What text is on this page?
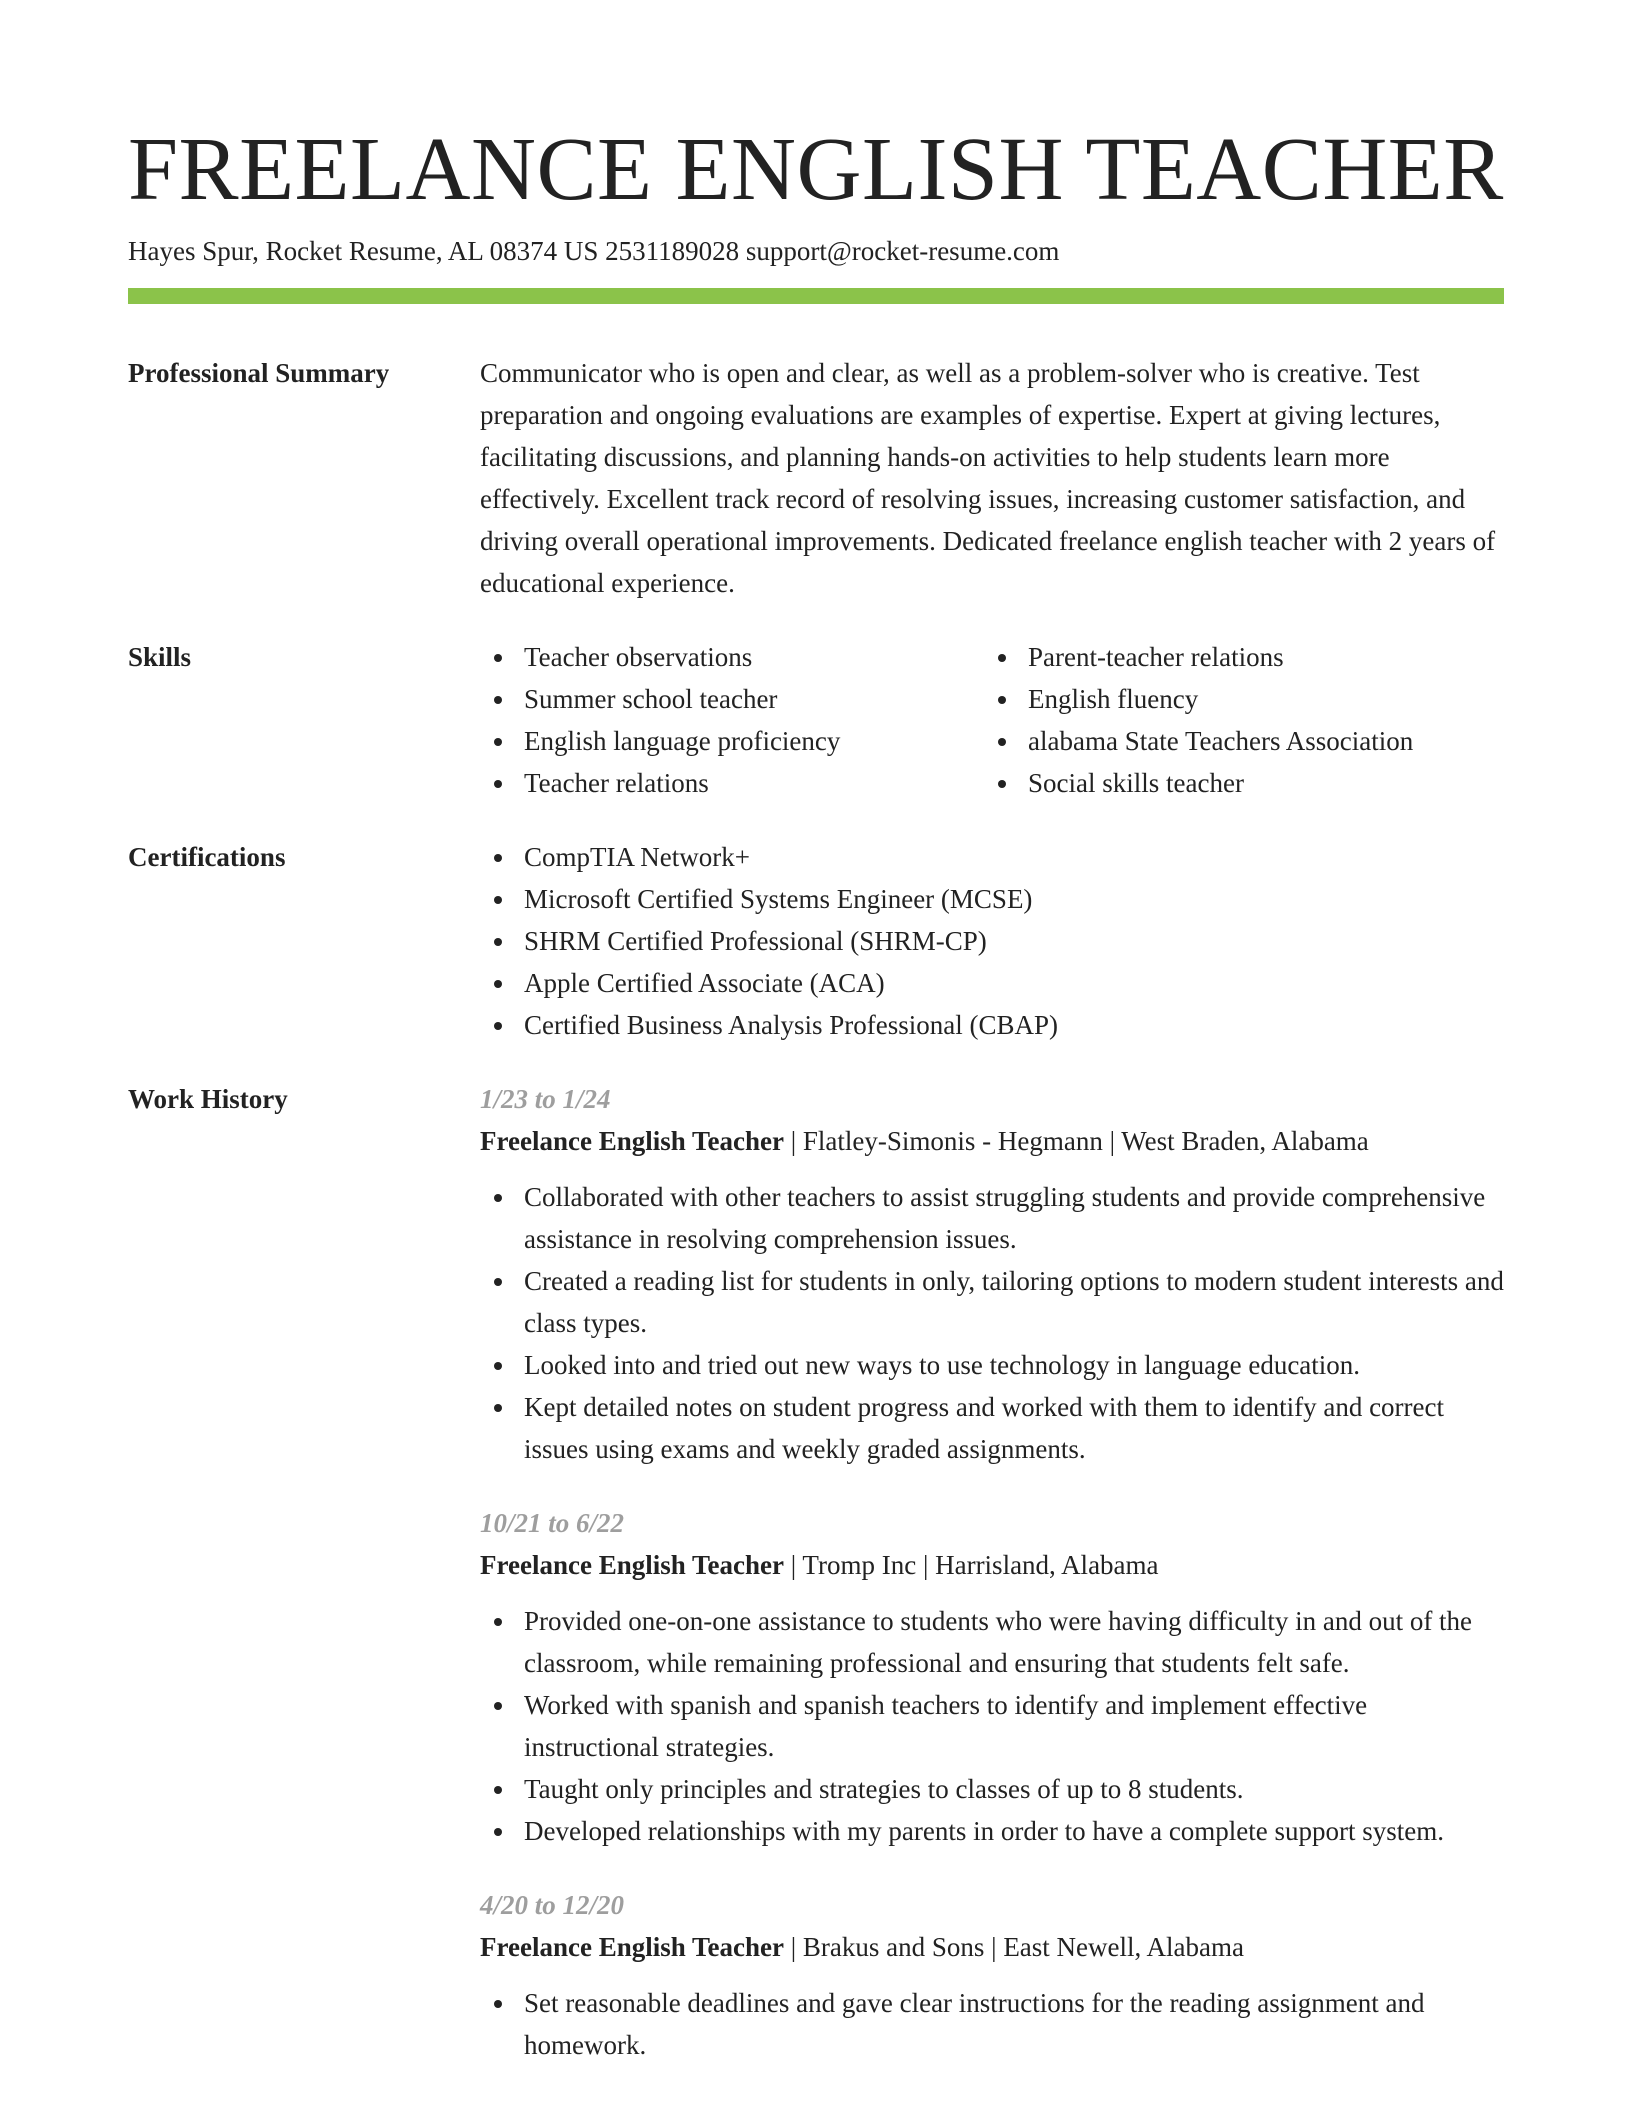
FREELANCE ENGLISH TEACHER
Hayes Spur, Rocket Resume, AL 08374 US 2531189028 support@rocket-resume.com
Professional Summary	Communicator who is open and clear, as well as a problem-solver who is creative. Test preparation and ongoing evaluations are examples of expertise. Expert at giving lectures, facilitating discussions, and planning hands-on activities to help students learn more effectively. Excellent track record of resolving issues, increasing customer satisfaction, and driving overall operational improvements. Dedicated freelance english teacher with 2 years of educational experience.
Skills	Teacher observations
Summer school teacher
English language proficiency
Teacher relations
Parent-teacher relations
English fluency
alabama State Teachers Association
Social skills teacher
Certifications	CompTIA Network+
Microsoft Certified Systems Engineer (MCSE)
SHRM Certified Professional (SHRM-CP)
Apple Certified Associate (ACA)
Certified Business Analysis Professional (CBAP)
Work History	1/23 to 1/24
Freelance English Teacher | Flatley-Simonis - Hegmann | West Braden, Alabama
Collaborated with other teachers to assist struggling students and provide comprehensive assistance in resolving comprehension issues.
Created a reading list for students in only, tailoring options to modern student interests and class types.
Looked into and tried out new ways to use technology in language education.
Kept detailed notes on student progress and worked with them to identify and correct issues using exams and weekly graded assignments.
10/21 to 6/22
Freelance English Teacher | Tromp Inc | Harrisland, Alabama
Provided one-on-one assistance to students who were having difficulty in and out of the classroom, while remaining professional and ensuring that students felt safe.
Worked with spanish and spanish teachers to identify and implement effective instructional strategies.
Taught only principles and strategies to classes of up to 8 students.
Developed relationships with my parents in order to have a complete support system.
4/20 to 12/20
Freelance English Teacher | Brakus and Sons | East Newell, Alabama
Set reasonable deadlines and gave clear instructions for the reading assignment and homework.
